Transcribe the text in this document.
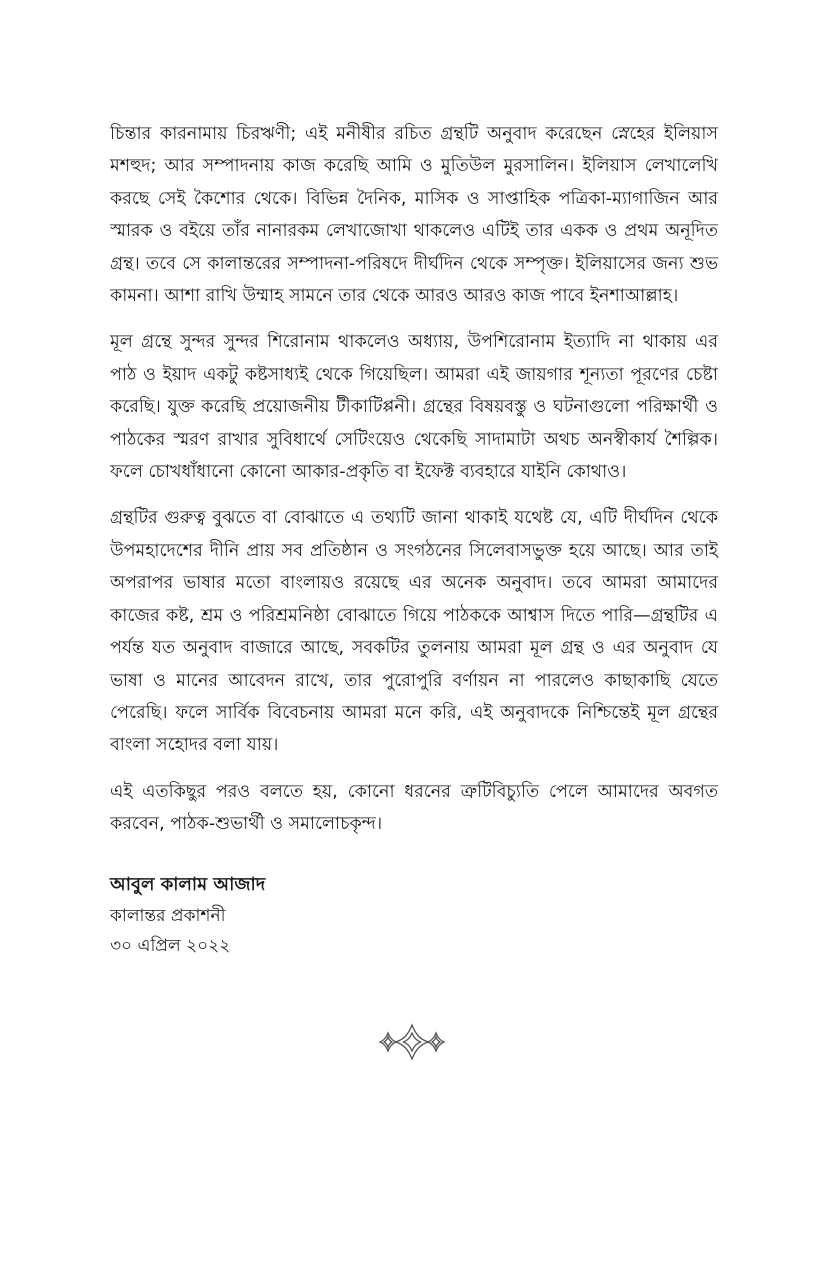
চিন্তার কারনামায় চিরঋণী; এই মনীষীর রচিত গ্রন্থটি অনুবাদ করেছেন স্নেহের ইলিয়াস মশহুদ; আর সম্পাদনায় কাজ করেছি আমি ও মুতিউল মুরসালিন। ইলিয়াস লেখালেখি করছে সেই কৈশোর থেকে। বিভিন্ন দৈনিক, মাসিক ও সাপ্তাহিক পত্রিকা-ম্যাগাজিন আর স্মারক ও বইয়ে তাঁর নানারকম লেখাজোখা থাকলেও এটিই তার একক ও প্রথম অনূদিত গ্রন্থ। তবে সে কালান্তরের সম্পাদনা-পরিষদে দীর্ঘদিন থেকে সম্পৃক্ত। ইলিয়াসের জন্য শুভ কামনা। আশা রাখি উম্মাহ সামনে তার থেকে আরও আরও কাজ পাবে ইনশাআল্লাহ।

মূল গ্রন্থে সুন্দর সুন্দর শিরোনাম থাকলেও অধ্যায়, উপশিরোনাম ইত্যাদি না থাকায় এর পাঠ ও ইয়াদ একটু কষ্টসাধ্যই থেকে গিয়েছিল। আমরা এই জায়গার শূন্যতা পূরণের চেষ্টা করেছি। যুক্ত করেছি প্রয়োজনীয় টীকাটিপ্পনী। গ্রন্থের বিষয়বস্তু ও ঘটনাগুলো পরিক্ষার্থী ও পাঠকের স্মরণ রাখার সুবিধার্থে সেটিংয়েও থেকেছি সাদামাটা অথচ অনস্বীকার্য শৈল্পিক। ফলে চোখধাঁধানো কোনো আকার-প্রকৃতি বা ইফেক্ট ব্যবহারে যাইনি কোথাও।

গ্রন্থটির গুরুত্ব বুঝতে বা বোঝাতে এ তথ্যটি জানা থাকাই যথেষ্ট যে, এটি দীর্ঘদিন থেকে উপমহাদেশের দীনি প্রায় সব প্রতিষ্ঠান ও সংগঠনের সিলেবাসভুক্ত হয়ে আছে। আর তাই অপরাপর ভাষার মতো বাংলায়ও রয়েছে এর অনেক অনুবাদ। তবে আমরা আমাদের কাজের কষ্ট, শ্রম ও পরিশ্রমনিষ্ঠা বোঝাতে গিয়ে পাঠককে আশ্বাস দিতে পারি—গ্রন্থটির এ পর্যন্ত যত অনুবাদ বাজারে আছে, সবকটির তুলনায় আমরা মূল গ্রন্থ ও এর অনুবাদ যে ভাষা ও মানের আবেদন রাখে, তার পুরোপুরি বর্ণায়ন না পারলেও কাছাকাছি যেতে পেরেছি। ফলে সার্বিক বিবেচনায় আমরা মনে করি, এই অনুবাদকে নিশ্চিন্তেই মূল গ্রন্থের বাংলা সহোদর বলা যায়।

এই এতকিছুর পরও বলতে হয়, কোনো ধরনের ত্রুটিবিচ্যুতি পেলে আমাদের অবগত করবেন, পাঠক-শুভার্থী ও সমালোচকৃন্দ।

আবুল কালাম আজাদ

কালান্তর প্রকাশনী

৩০ এপ্রিল ২০২২
